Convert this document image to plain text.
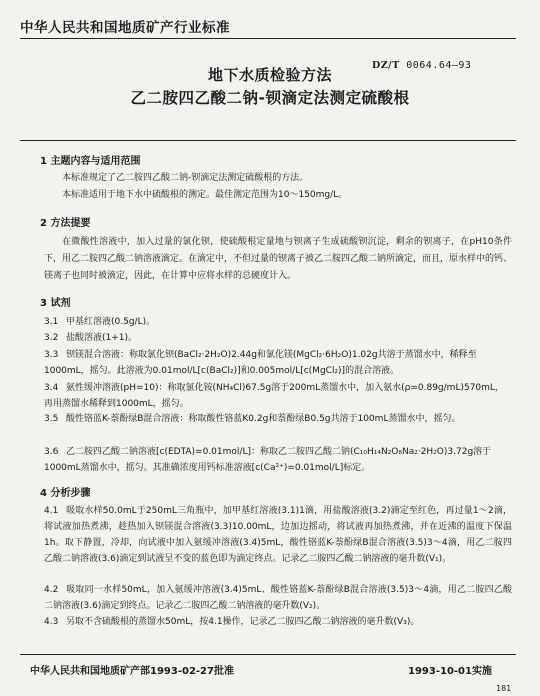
中华人民共和国地质矿产行业标准
DZ/T 0064.64—93
地下水质检验方法
乙二胺四乙酸二钠-钡滴定法测定硫酸根
1 主题内容与适用范围
本标准规定了乙二胺四乙酸二钠-钡滴定法测定硫酸根的方法。
本标准适用于地下水中硫酸根的测定。最佳测定范围为10～150mg/L。
2 方法提要
在微酸性溶液中，加入过量的氯化钡，使硫酸根定量地与钡离子生成硫酸钡沉淀，剩余的钡离子，在pH10条件下，用乙二胺四乙酸二钠溶液滴定。在滴定中，不但过量的钡离子被乙二胺四乙酸二钠所滴定，而且，原水样中的钙、镁离子也同时被滴定，因此，在计算中应将水样的总硬度计入。
3 试剂
3.1 甲基红溶液(0.5g/L)。
3.2 盐酸溶液(1+1)。
3.3 钡镁混合溶液：称取氯化钡(BaCl₂·2H₂O)2.44g和氯化镁(MgCl₂·6H₂O)1.02g共溶于蒸馏水中，稀释至1000mL，摇匀。此溶液为0.01mol/L[c(BaCl₂)]和0.005mol/L[c(MgCl₂)]的混合溶液。
3.4 氨性缓冲溶液(pH=10)：称取氯化铵(NH₄Cl)67.5g溶于200mL蒸馏水中，加入氨水(ρ=0.89g/mL)570mL，再用蒸馏水稀释到1000mL，摇匀。
3.5 酸性铬蓝K-萘酚绿B混合溶液：称取酸性铬蓝K0.2g和萘酚绿B0.5g共溶于100mL蒸馏水中，摇匀。
3.6 乙二胺四乙酸二钠溶液[c(EDTA)=0.01mol/L]：称取乙二胺四乙酸二钠(C₁₀H₁₄N₂O₈Na₂·2H₂O)3.72g溶于1000mL蒸馏水中，摇匀。其准确浓度用钙标准溶液[c(Ca²⁺)=0.01mol/L]标定。
4 分析步骤
4.1 吸取水样50.0mL于250mL三角瓶中，加甲基红溶液(3.1)1滴，用盐酸溶液(3.2)滴定至红色，再过量1～2滴，将试液加热煮沸，趁热加入钡镁混合溶液(3.3)10.00mL，边加边摇动，将试液再加热煮沸，并在近沸的温度下保温1h。取下静置，冷却，向试液中加入氨缓冲溶液(3.4)5mL，酸性铬蓝K-萘酚绿B混合溶液(3.5)3～4滴，用乙二胺四乙酸二钠溶液(3.6)滴定到试液呈不变的蓝色即为滴定终点。记录乙二胺四乙酸二钠溶液的毫升数(V₁)。
4.2 吸取同一水样50mL，加入氨缓冲溶液(3.4)5mL、酸性铬蓝K-萘酚绿B混合溶液(3.5)3～4滴，用乙二胺四乙酸二钠溶液(3.6)滴定到终点。记录乙二胺四乙酸二钠溶液的毫升数(V₂)。
4.3 另取不含硫酸根的蒸馏水50mL，按4.1操作，记录乙二胺四乙酸二钠溶液的毫升数(V₃)。
中华人民共和国地质矿产部1993-02-27批准	1993-10-01实施
181
